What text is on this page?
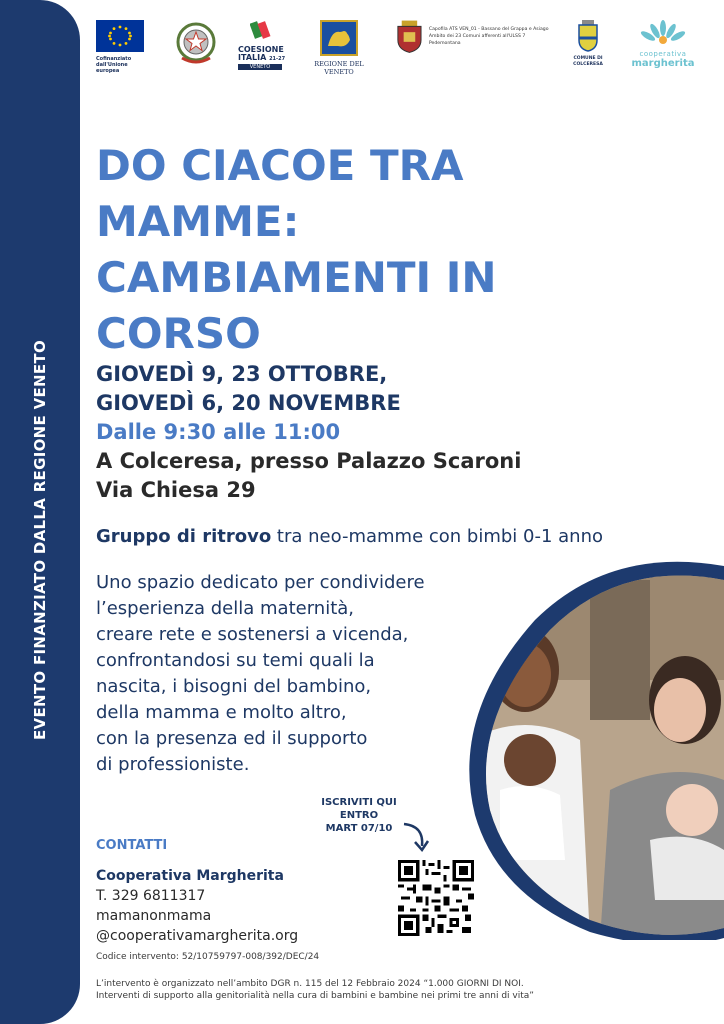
EVENTO FINANZIATO DALLA REGIONE VENETO
Cofinanziato
dall'Unione europea
COESIONE
ITALIA 21-27
VENETO	REGIONE DEL VENETO
Capofila ATS VEN_01 - Bassano del Grappa e Asiago
Ambito dei 23 Comuni afferenti all'ULSS 7 Pedemontana
COMUNE DI
COLCERESA
cooperativa
margherita
DO CIACOE TRA
MAMME:
CAMBIAMENTI IN
CORSO
GIOVEDÌ 9, 23 OTTOBRE,
GIOVEDÌ 6, 20 NOVEMBRE
Dalle 9:30 alle 11:00
A Colceresa, presso Palazzo Scaroni
Via Chiesa 29
Gruppo di ritrovo tra neo-mamme con bimbi 0-1 anno
Uno spazio dedicato per condividere
l’esperienza della maternità,
creare rete e sostenersi a vicenda,
confrontandosi su temi quali la
nascita, i bisogni del bambino,
della mamma e molto altro,
con la presenza ed il supporto
di professioniste.
ISCRIVITI QUI
ENTRO
MART 07/10
CONTATTI
Cooperativa Margherita
T. 329 6811317
mamanonmama
@cooperativamargherita.org
Codice intervento: 52/10759797-008/392/DEC/24
L’intervento è organizzato nell’ambito DGR n. 115 del 12 Febbraio 2024 “1.000 GIORNI DI NOI.
Interventi di supporto alla genitorialità nella cura di bambini e bambine nei primi tre anni di vita”
